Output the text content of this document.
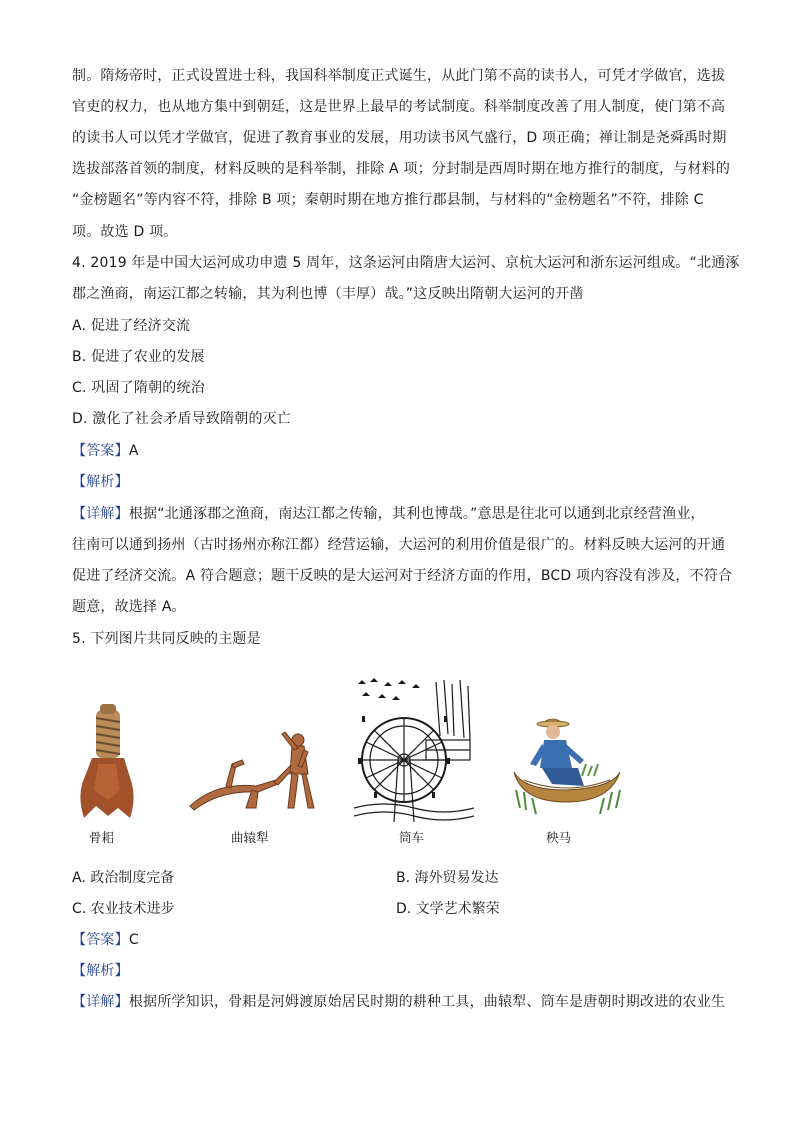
制。隋炀帝时，正式设置进士科，我国科举制度正式诞生，从此门第不高的读书人，可凭才学做官，选拔
官吏的权力，也从地方集中到朝廷，这是世界上最早的考试制度。科举制度改善了用人制度，使门第不高
的读书人可以凭才学做官，促进了教育事业的发展，用功读书风气盛行，D 项正确；禅让制是尧舜禹时期
选拔部落首领的制度，材料反映的是科举制，排除 A 项；分封制是西周时期在地方推行的制度，与材料的
“金榜题名”等内容不符，排除 B 项；秦朝时期在地方推行郡县制，与材料的“金榜题名”不符，排除 C
项。故选 D 项。
4. 2019 年是中国大运河成功申遗 5 周年，这条运河由隋唐大运河、京杭大运河和浙东运河组成。“北通涿
郡之渔商，南运江都之转输，其为利也博（丰厚）哉。”这反映出隋朝大运河的开凿
A. 促进了经济交流
B. 促进了农业的发展
C. 巩固了隋朝的统治
D. 激化了社会矛盾导致隋朝的灭亡
【答案】A
【解析】
【详解】根据“北通涿郡之渔商，南达江都之传输，其利也博哉。”意思是往北可以通到北京经营渔业，
往南可以通到扬州（古时扬州亦称江都）经营运输，大运河的利用价值是很广的。材料反映大运河的开通
促进了经济交流。A 符合题意；题干反映的是大运河对于经济方面的作用，BCD 项内容没有涉及，不符合
题意，故选择 A。
5. 下列图片共同反映的主题是
骨耜	曲辕犁	筒车	秧马
A. 政治制度完备	B. 海外贸易发达
C. 农业技术进步	D. 文学艺术繁荣
【答案】C
【解析】
【详解】根据所学知识，骨耜是河姆渡原始居民时期的耕种工具，曲辕犁、筒车是唐朝时期改进的农业生
